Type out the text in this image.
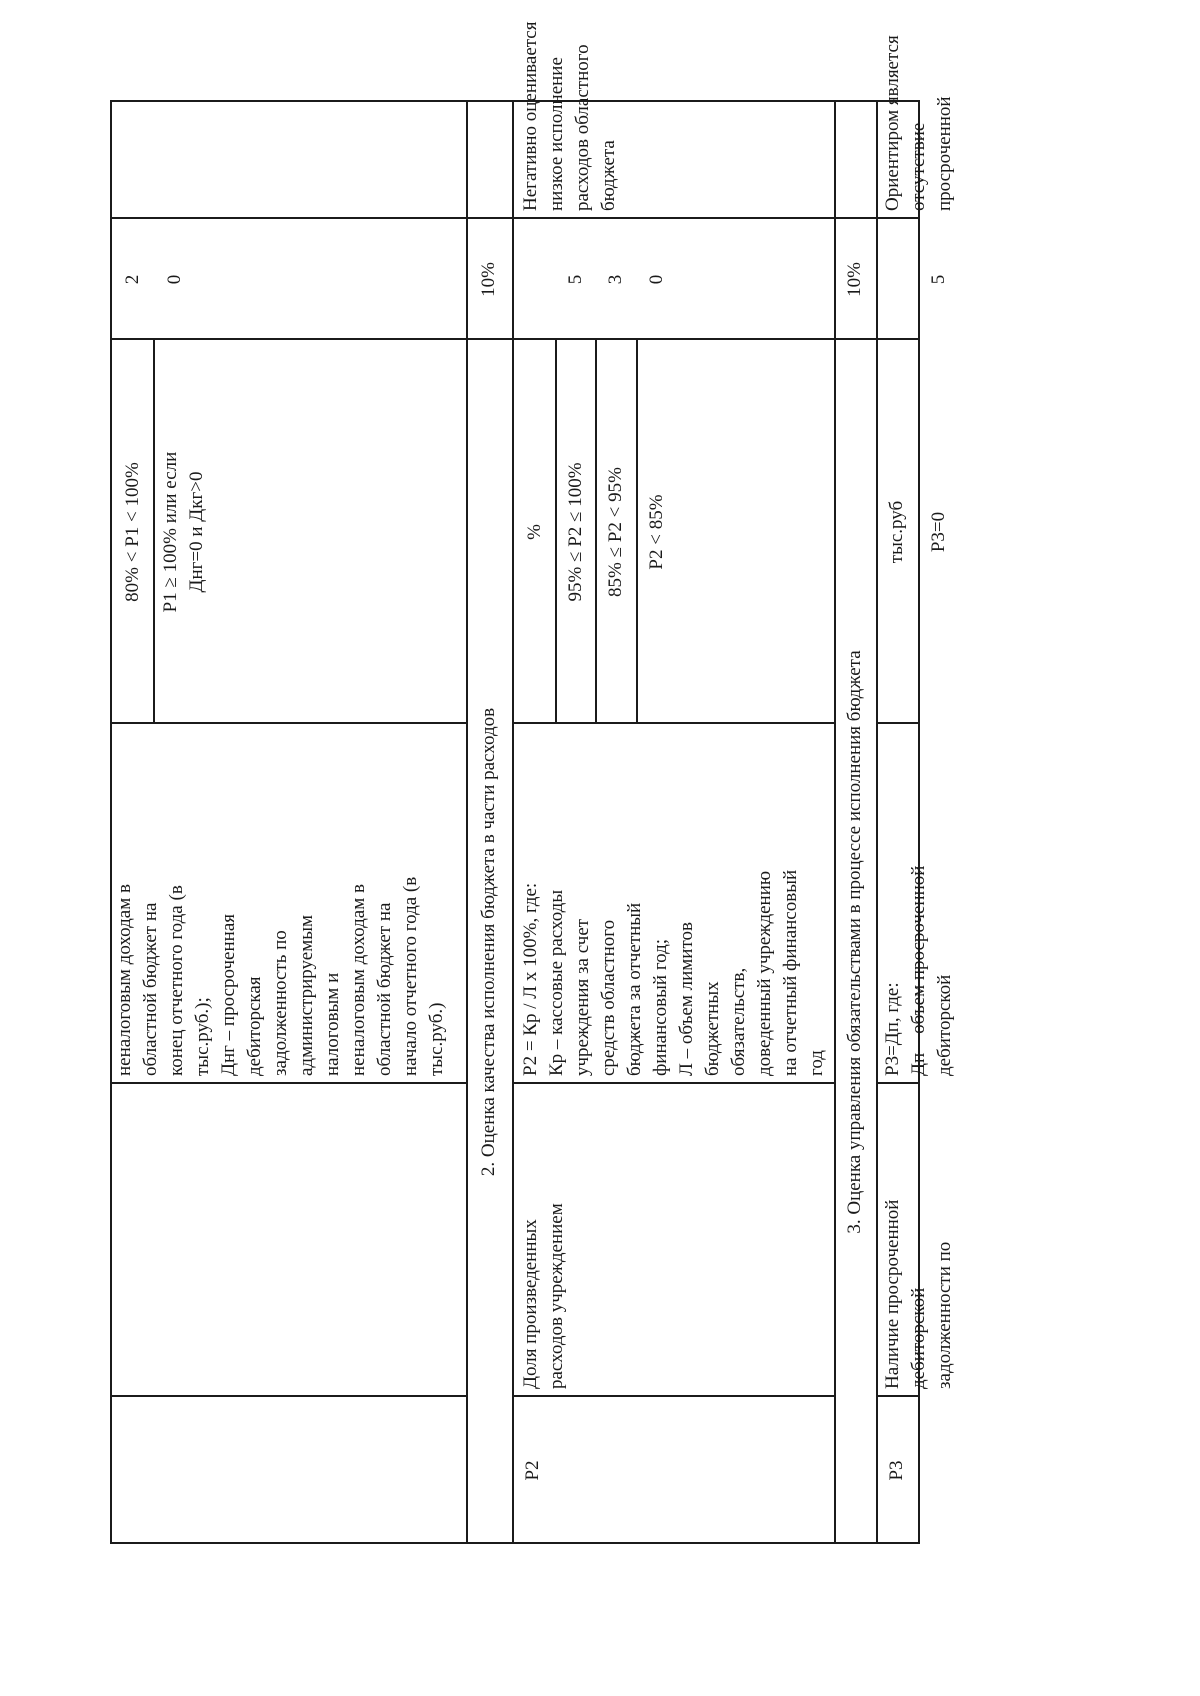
неналоговым доходам в областной бюджет на конец отчетного года (в тыс.руб.); Днг – просроченная дебиторская задолженность по администрируемым налоговым и неналоговым доходам в областной бюджет на начало отчетного года (в тыс.руб.)
80% < P1 < 100%
2
P1 ≥ 100% или если Днг=0 и Дкг>0
0
2. Оценка качества исполнения бюджета в части расходов
10%
P2
Доля произведенных расходов учреждением
P2 = Кр / Л х 100%, где: Кр – кассовые расходы учреждения за счет средств областного бюджета за отчетный финансовый год; Л – объем лимитов бюджетных обязательств, доведенный учреждению на отчетный финансовый год
% 95% ≤ P2 ≤ 100%
5
85% ≤ P2 < 95%
3
P2 < 85%
0
Негативно оценивается низкое исполнение расходов областного бюджета
3. Оценка управления обязательствами в процессе исполнения бюджета
10%
P3
Наличие просроченной дебиторской задолженности по
P3=Дп, где: Дп – объем просроченной дебиторской
тыс.руб P3=0
5
Ориентиром является отсутствие просроченной
